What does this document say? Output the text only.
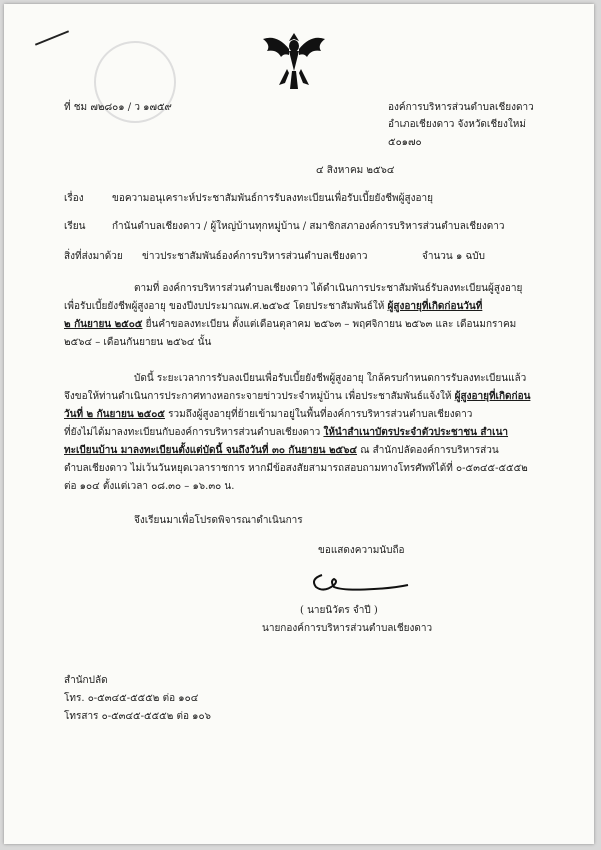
ที่ ชม ๗๒๘๐๑ / ว ๑๗๕๙	องค์การบริหารส่วนตำบลเชียงดาว
อำเภอเชียงดาว จังหวัดเชียงใหม่
๕๐๑๗๐
๔ สิงหาคม ๒๕๖๔
เรื่อง	ขอความอนุเคราะห์ประชาสัมพันธ์การรับลงทะเบียนเพื่อรับเบี้ยยังชีพผู้สูงอายุ
เรียน	กำนันตำบลเชียงดาว / ผู้ใหญ่บ้านทุกหมู่บ้าน / สมาชิกสภาองค์การบริหารส่วนตำบลเชียงดาว
สิ่งที่ส่งมาด้วย ข่าวประชาสัมพันธ์องค์การบริหารส่วนตำบลเชียงดาว	จำนวน ๑ ฉบับ
ตามที่ องค์การบริหารส่วนตำบลเชียงดาว ได้ดำเนินการประชาสัมพันธ์รับลงทะเบียนผู้สูงอายุ
เพื่อรับเบี้ยยังชีพผู้สูงอายุ ของปีงบประมาณพ.ศ.๒๕๖๕ โดยประชาสัมพันธ์ให้ ผู้สูงอายุที่เกิดก่อนวันที่
๒ กันยายน ๒๕๐๕ ยื่นคำขอลงทะเบียน ตั้งแต่เดือนตุลาคม ๒๕๖๓ – พฤศจิกายน ๒๕๖๓ และ เดือนมกราคม
๒๕๖๔ – เดือนกันยายน ๒๕๖๔ นั้น
บัดนี้ ระยะเวลาการรับลงเบียนเพื่อรับเบี้ยยังชีพผู้สูงอายุ ใกล้ครบกำหนดการรับลงทะเบียนแล้ว
จึงขอให้ท่านดำเนินการประกาศทางหอกระจายข่าวประจำหมู่บ้าน เพื่อประชาสัมพันธ์แจ้งให้ ผู้สูงอายุที่เกิดก่อน
วันที่ ๒ กันยายน ๒๕๐๕ รวมถึงผู้สูงอายุที่ย้ายเข้ามาอยู่ในพื้นที่องค์การบริหารส่วนตำบลเชียงดาว
ที่ยังไม่ได้มาลงทะเบียนกับองค์การบริหารส่วนตำบลเชียงดาว ให้นำสำเนาบัตรประจำตัวประชาชน สำเนา
ทะเบียนบ้าน มาลงทะเบียนตั้งแต่บัดนี้ จนถึงวันที่ ๓๐ กันยายน ๒๕๖๔ ณ สำนักปลัดองค์การบริหารส่วน
ตำบลเชียงดาว ไม่เว้นวันหยุดเวลาราชการ หากมีข้อสงสัยสามารถสอบถามทางโทรศัพท์ได้ที่ ๐-๕๓๔๕-๕๕๕๒
ต่อ ๑๐๔ ตั้งแต่เวลา ๐๘.๓๐ – ๑๖.๓๐ น.
จึงเรียนมาเพื่อโปรดพิจารณาดำเนินการ
ขอแสดงความนับถือ
( นายนิวัตร จำปี )
นายกองค์การบริหารส่วนตำบลเชียงดาว
สำนักปลัด
โทร. ๐-๕๓๔๕-๕๕๕๒ ต่อ ๑๐๔
โทรสาร ๐-๕๓๔๕-๕๕๕๒ ต่อ ๑๐๖
